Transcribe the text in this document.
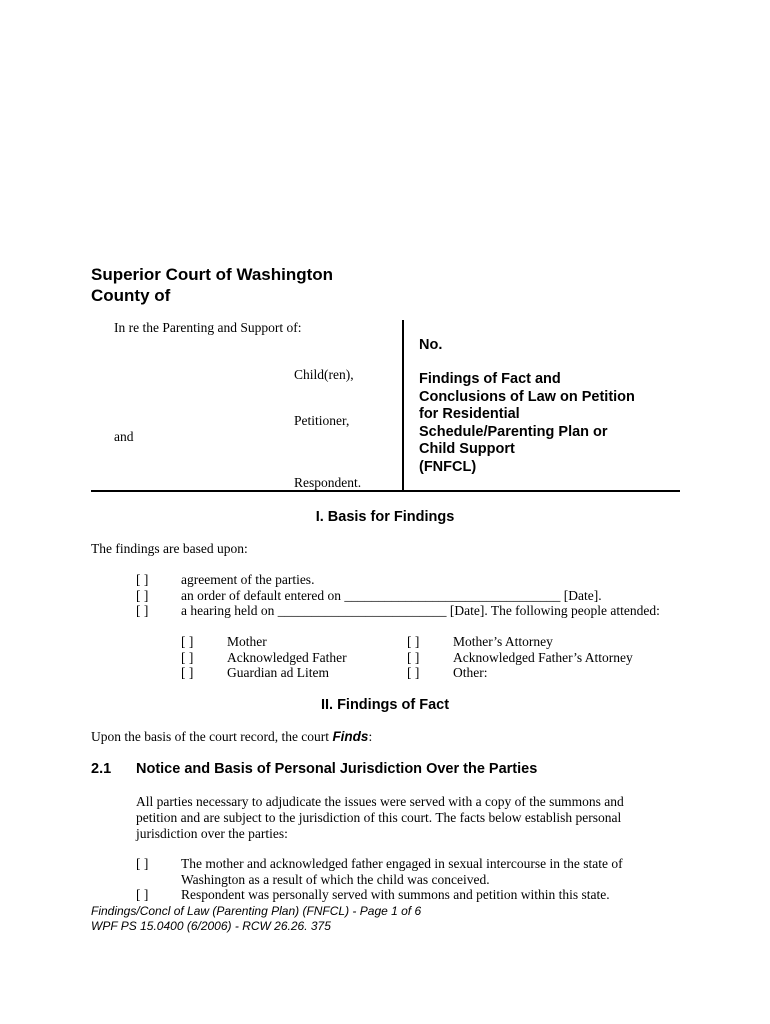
Superior Court of Washington
County of
In re the Parenting and Support of:
Child(ren),
Petitioner,
and
Respondent.
No.
Findings of Fact and
Conclusions of Law on Petition
for Residential
Schedule/Parenting Plan or
Child Support
(FNFCL)
I. Basis for Findings
The findings are based upon:
[ ] agreement of the parties.
[ ] an order of default entered on ________________________________ [Date].
[ ] a hearing held on _________________________ [Date]. The following people attended:
[ ] Mother
[ ] Acknowledged Father
[ ] Guardian ad Litem
[ ] Mother’s Attorney
[ ] Acknowledged Father’s Attorney
[ ] Other:
II. Findings of Fact
Upon the basis of the court record, the court Finds:
2.1 Notice and Basis of Personal Jurisdiction Over the Parties
All parties necessary to adjudicate the issues were served with a copy of the summons and petition and are subject to the jurisdiction of this court. The facts below establish personal jurisdiction over the parties:
[ ] The mother and acknowledged father engaged in sexual intercourse in the state of Washington as a result of which the child was conceived.
[ ] Respondent was personally served with summons and petition within this state.
Findings/Concl of Law (Parenting Plan) (FNFCL) - Page 1 of 6
WPF PS 15.0400 (6/2006) - RCW 26.26. 375
